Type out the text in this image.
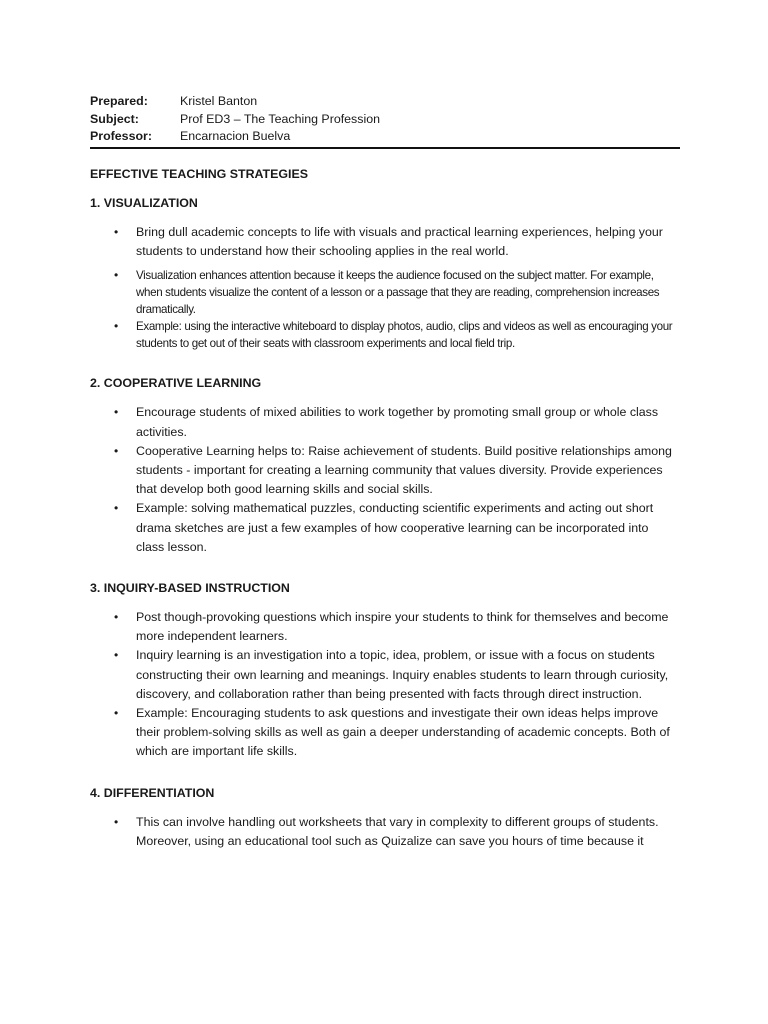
Prepared:	Kristel Banton
Subject:	Prof ED3 – The Teaching Profession
Professor:	Encarnacion Buelva
EFFECTIVE TEACHING STRATEGIES
1. VISUALIZATION
• Bring dull academic concepts to life with visuals and practical learning experiences, helping your students to understand how their schooling applies in the real world.
• Visualization enhances attention because it keeps the audience focused on the subject matter. For example, when students visualize the content of a lesson or a passage that they are reading, comprehension increases dramatically.
• Example: using the interactive whiteboard to display photos, audio, clips and videos as well as encouraging your students to get out of their seats with classroom experiments and local field trip.
2. COOPERATIVE LEARNING
• Encourage students of mixed abilities to work together by promoting small group or whole class activities.
• Cooperative Learning helps to: Raise achievement of students. Build positive relationships among students - important for creating a learning community that values diversity. Provide experiences that develop both good learning skills and social skills.
• Example: solving mathematical puzzles, conducting scientific experiments and acting out short drama sketches are just a few examples of how cooperative learning can be incorporated into class lesson.
3. INQUIRY-BASED INSTRUCTION
• Post though-provoking questions which inspire your students to think for themselves and become more independent learners.
• Inquiry learning is an investigation into a topic, idea, problem, or issue with a focus on students constructing their own learning and meanings. Inquiry enables students to learn through curiosity, discovery, and collaboration rather than being presented with facts through direct instruction.
• Example: Encouraging students to ask questions and investigate their own ideas helps improve their problem-solving skills as well as gain a deeper understanding of academic concepts. Both of which are important life skills.
4. DIFFERENTIATION
• This can involve handling out worksheets that vary in complexity to different groups of students. Moreover, using an educational tool such as Quizalize can save you hours of time because it
